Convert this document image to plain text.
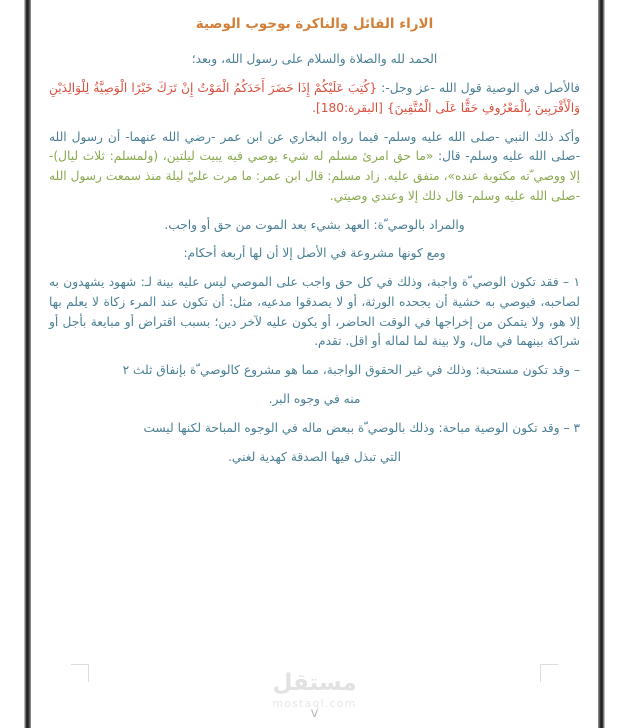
الاراء القائل والناكرة بوجوب الوصية

الحمد لله والصلاة والسلام على رسول الله، وبعد؛

فالأصل في الوصية قول الله -عز وجل-: {كُتِبَ عَلَيْكُمْ إِذَا حَضَرَ أَحَدَكُمُ الْمَوْتُ إِنْ تَرَكَ خَيْرًا الْوَصِيَّةُ لِلْوَالِدَيْنِ وَالْأَقْرَبِينَ بِالْمَعْرُوفِ حَقًّا عَلَى الْمُتَّقِينَ} [البقرة:180].

وأكد ذلك النبي -صلى الله عليه وسلم- فيما رواه البخاري عن ابن عمر -رضي الله عنهما- أن رسول الله -صلى الله عليه وسلم- قال: «ما حق امرئ مسلم له شيء يوصي فيه يبيت ليلتين، (ولمسلم: ثلاث ليال)- إلا ووصي ّته مكتوبة عنده»، متفق عليه. زاد مسلم: قال ابن عمر: ما مرت عليّ ليلة منذ سمعت رسول الله -صلى الله عليه وسلم- قال ذلك إلا وعندي وصيتي.

والمراد بالوصي ّة: العهد بشيء بعد الموت من حق أو واجب.

ومع كونها مشروعة في الأصل إلا أن لها أربعة أحكام:

١ – فقد تكون الوصي ّة واجبة، وذلك في كل حق واجب على الموصي ليس عليه بينة لـ: شهود يشهدون به لصاحبه، فيوصي به خشية أن يجحده الورثة، أو لا يصدقوا مدعيه، مثل: أن تكون عند المرء زكاة لا يعلم بها إلا هو، ولا يتمكن من إخراجها في الوقت الحاضر، أو يكون عليه لآخر دين؛ بسبب اقتراض أو مبايعة بأجل أو شراكة بينهما في مال، ولا بينة لما لماله أو اقل. تقدم.

– وقد تكون مستحبة: وذلك في غير الحقوق الواجبة، مما هو مشروع كالوصي ّة بإنفاق ثلث ٢

منه في وجوه البر.

٣ – وقد تكون الوصية مباحة: وذلك بالوصي ّة ببعض ماله في الوجوه المباحة لكنها ليست

التي تبذل فيها الصدقة كهدية لغني.

مستقل
mostaql.com
v
